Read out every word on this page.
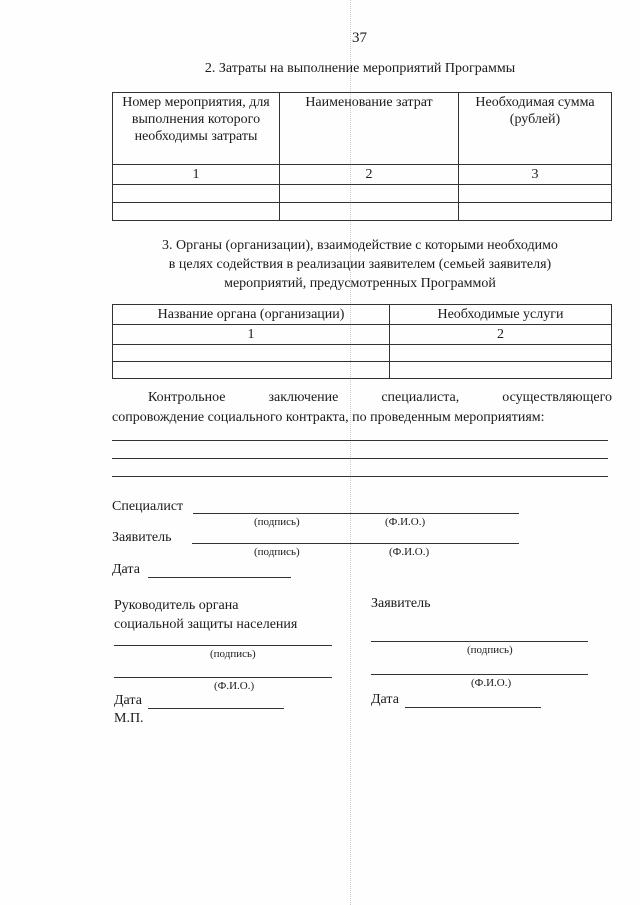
37
2. Затраты на выполнение мероприятий Программы
Номер мероприятия, для выполнения которого необходимы затраты	Наименование затрат	Необходимая сумма (рублей)
1	2	3

3. Органы (организации), взаимодействие с которыми необходимо
в целях содействия в реализации заявителем (семьей заявителя)
мероприятий, предусмотренных Программой
Название органа (организации)	Необходимые услуги
1	2

Контрольное	заключение	специалиста,	осуществляющего
сопровождение социального контракта, по проведенным мероприятиям:
Специалист
(подпись)	(Ф.И.О.)
Заявитель
(подпись)	(Ф.И.О.)
Дата
Руководитель органа
социальной защиты населения
(подпись)
(Ф.И.О.)
Дата
М.П.
Заявитель
(подпись)
(Ф.И.О.)
Дата
